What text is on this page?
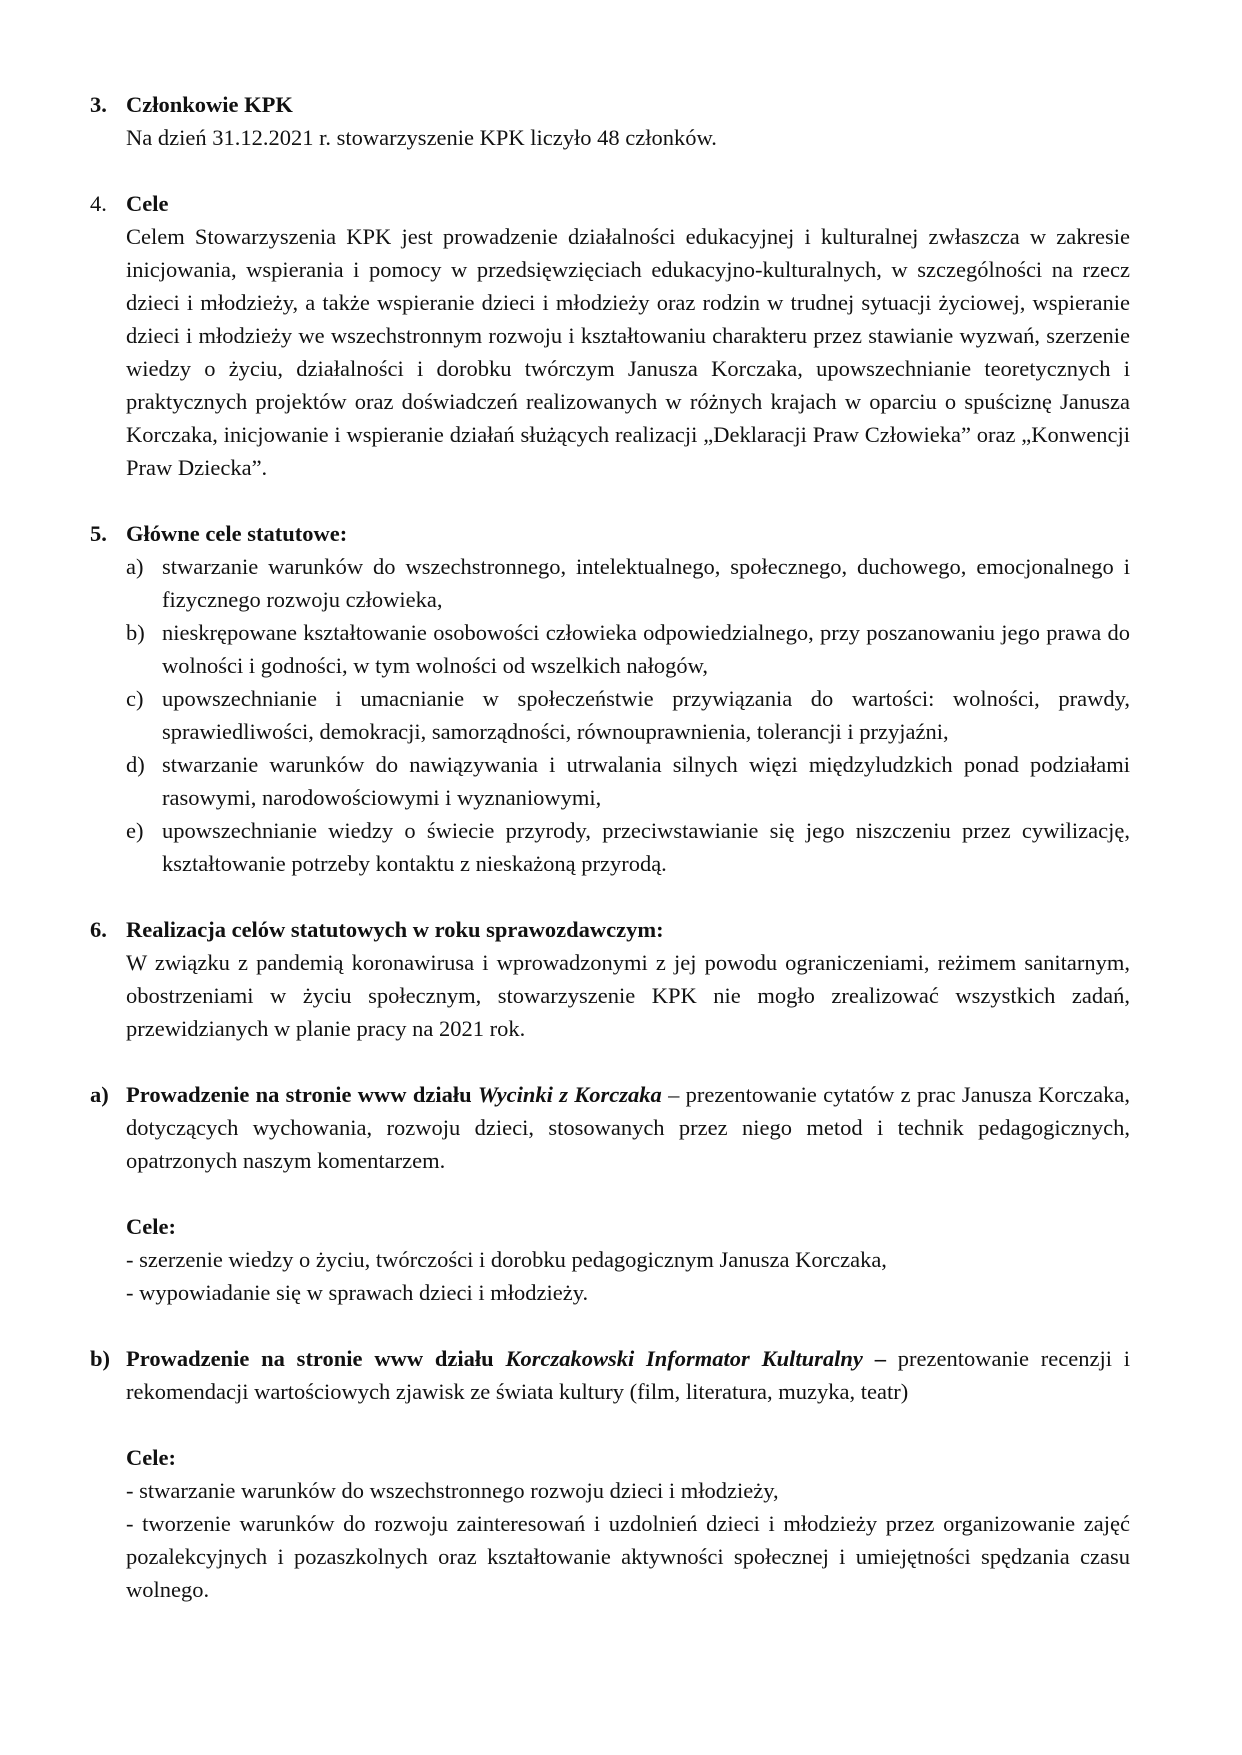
3. Członkowie KPK
Na dzień 31.12.2021 r. stowarzyszenie KPK liczyło 48 członków.
4. Cele
Celem Stowarzyszenia KPK jest prowadzenie działalności edukacyjnej i kulturalnej zwłaszcza w zakresie inicjowania, wspierania i pomocy w przedsięwzięciach edukacyjno-kulturalnych, w szczególności na rzecz dzieci i młodzieży, a także wspieranie dzieci i młodzieży oraz rodzin w trudnej sytuacji życiowej, wspieranie dzieci i młodzieży we wszechstronnym rozwoju i kształtowaniu charakteru przez stawianie wyzwań, szerzenie wiedzy o życiu, działalności i dorobku twórczym Janusza Korczaka, upowszechnianie teoretycznych i praktycznych projektów oraz doświadczeń realizowanych w różnych krajach w oparciu o spuściznę Janusza Korczaka, inicjowanie i wspieranie działań służących realizacji „Deklaracji Praw Człowieka” oraz „Konwencji Praw Dziecka”.
5. Główne cele statutowe:
a) stwarzanie warunków do wszechstronnego, intelektualnego, społecznego, duchowego, emocjonalnego i fizycznego rozwoju człowieka,
b) nieskrępowane kształtowanie osobowości człowieka odpowiedzialnego, przy poszanowaniu jego prawa do wolności i godności, w tym wolności od wszelkich nałogów,
c) upowszechnianie i umacnianie w społeczeństwie przywiązania do wartości: wolności, prawdy, sprawiedliwości, demokracji, samorządności, równouprawnienia, tolerancji i przyjaźni,
d) stwarzanie warunków do nawiązywania i utrwalania silnych więzi międzyludzkich ponad podziałami rasowymi, narodowościowymi i wyznaniowymi,
e) upowszechnianie wiedzy o świecie przyrody, przeciwstawianie się jego niszczeniu przez cywilizację, kształtowanie potrzeby kontaktu z nieskażoną przyrodą.
6. Realizacja celów statutowych w roku sprawozdawczym:
W związku z pandemią koronawirusa i wprowadzonymi z jej powodu ograniczeniami, reżimem sanitarnym, obostrzeniami w życiu społecznym, stowarzyszenie KPK nie mogło zrealizować wszystkich zadań, przewidzianych w planie pracy na 2021 rok.
a) Prowadzenie na stronie www działu Wycinki z Korczaka – prezentowanie cytatów z prac Janusza Korczaka, dotyczących wychowania, rozwoju dzieci, stosowanych przez niego metod i technik pedagogicznych, opatrzonych naszym komentarzem.
Cele:
- szerzenie wiedzy o życiu, twórczości i dorobku pedagogicznym Janusza Korczaka,
- wypowiadanie się w sprawach dzieci i młodzieży.
b) Prowadzenie na stronie www działu Korczakowski Informator Kulturalny – prezentowanie recenzji i rekomendacji wartościowych zjawisk ze świata kultury (film, literatura, muzyka, teatr)
Cele:
- stwarzanie warunków do wszechstronnego rozwoju dzieci i młodzieży,
- tworzenie warunków do rozwoju zainteresowań i uzdolnień dzieci i młodzieży przez organizowanie zajęć pozalekcyjnych i pozaszkolnych oraz kształtowanie aktywności społecznej i umiejętności spędzania czasu wolnego.
